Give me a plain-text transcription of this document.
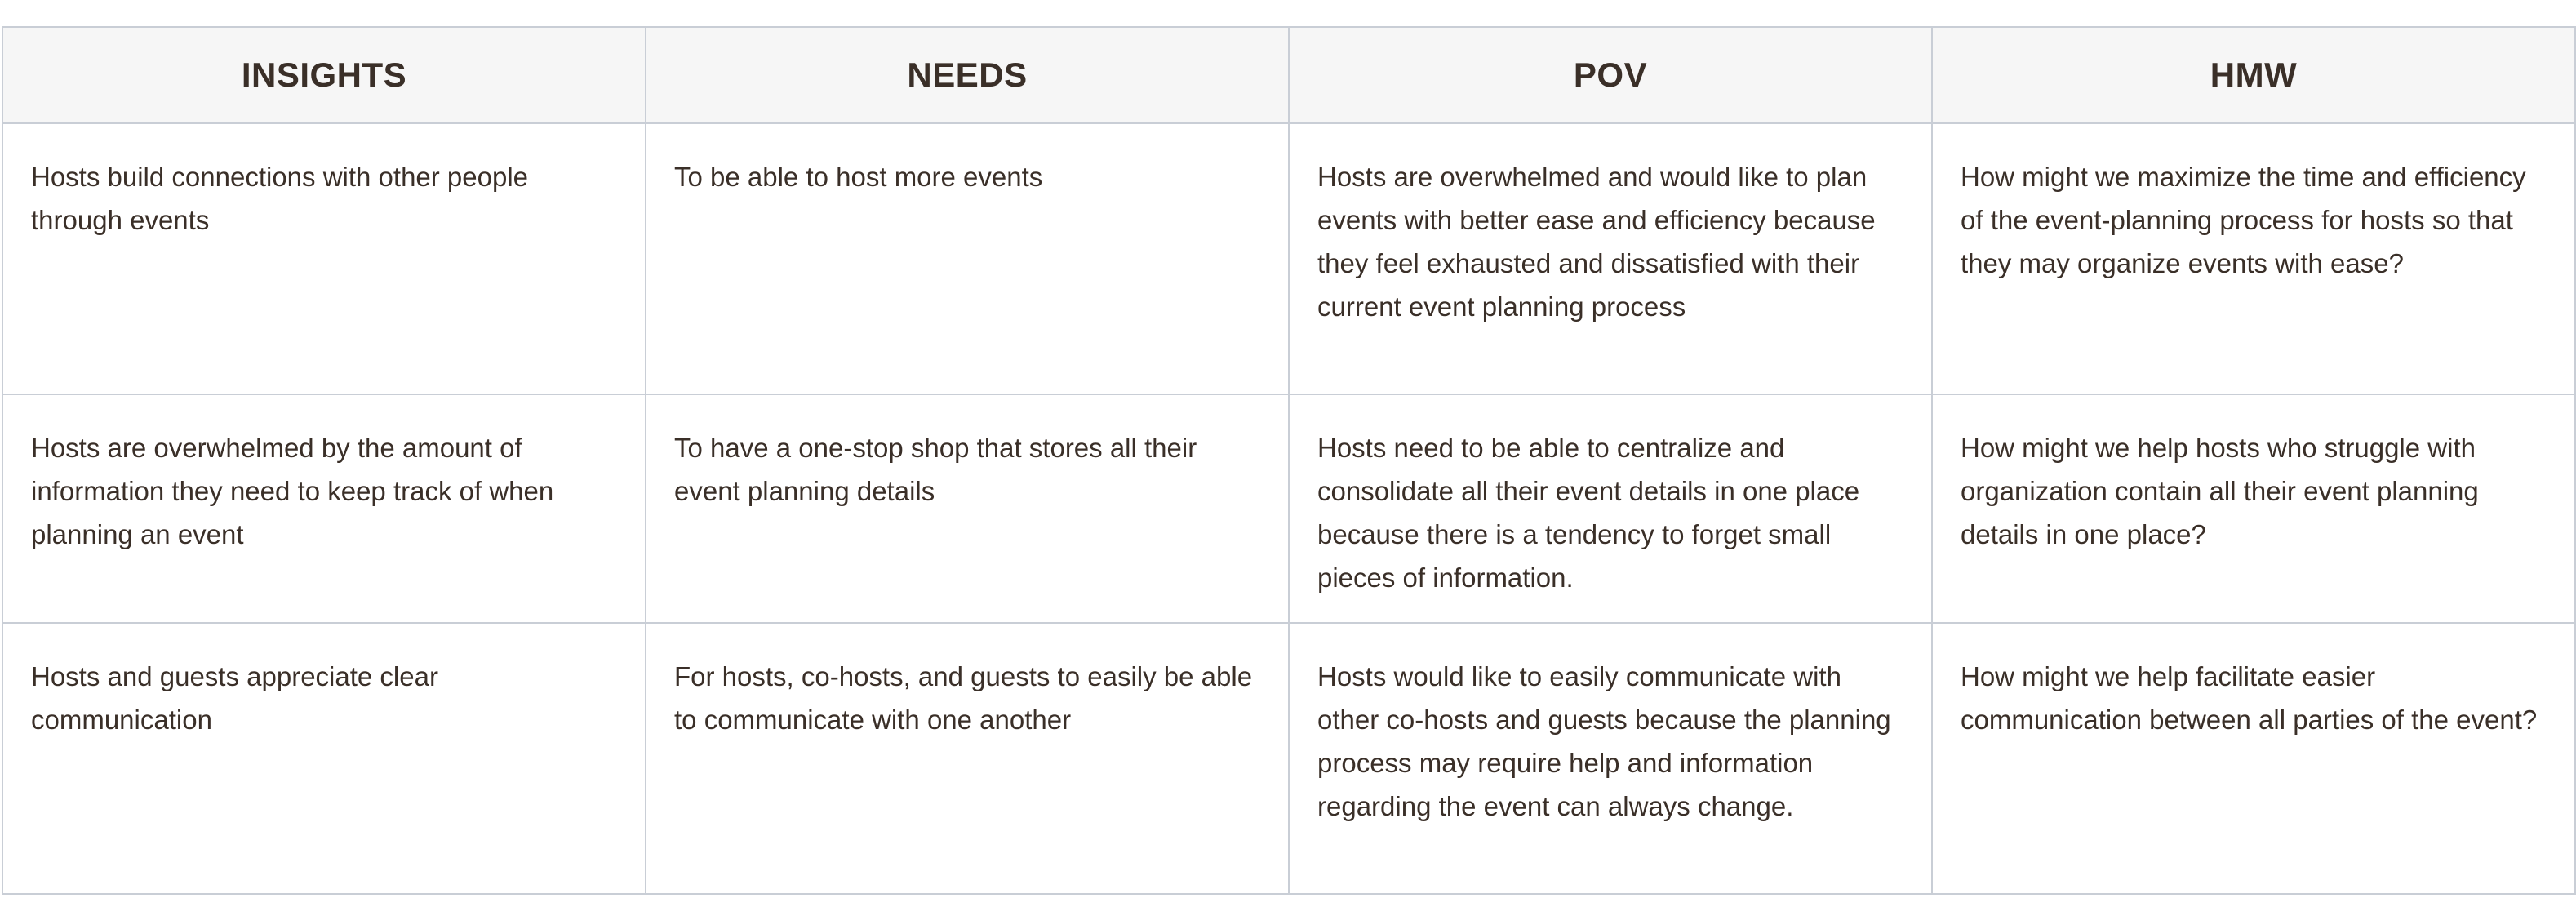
INSIGHTS	NEEDS	POV	HMW
Hosts build connections with other people through events	To be able to host more events	Hosts are overwhelmed and would like to plan events with better ease and efficiency because they feel exhausted and dissatisfied with their current event planning process	How might we maximize the time and efficiency of the event-planning process for hosts so that they may organize events with ease?
Hosts are overwhelmed by the amount of information they need to keep track of when planning an event	To have a one-stop shop that stores all their event planning details	Hosts need to be able to centralize and consolidate all their event details in one place because there is a tendency to forget small pieces of information.	How might we help hosts who struggle with organization contain all their event planning details in one place?
Hosts and guests appreciate clear communication	For hosts, co-hosts, and guests to easily be able to communicate with one another	Hosts would like to easily communicate with other co-hosts and guests because the planning process may require help and information regarding the event can always change.	How might we help facilitate easier communication between all parties of the event?
